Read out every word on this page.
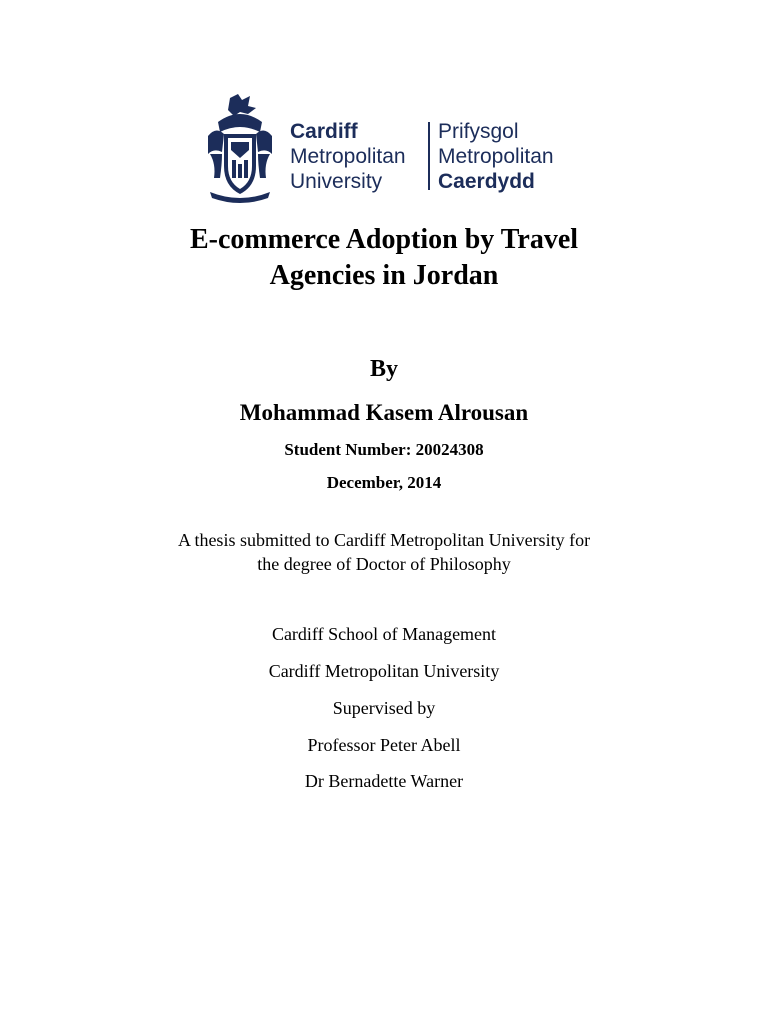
Cardiff
Metropolitan
University
Prifysgol
Metropolitan
Caerdydd
E-commerce Adoption by Travel
Agencies in Jordan
By
Mohammad Kasem Alrousan
Student Number: 20024308
December, 2014
A thesis submitted to Cardiff Metropolitan University for
the degree of Doctor of Philosophy
Cardiff School of Management
Cardiff Metropolitan University
Supervised by
Professor Peter Abell
Dr Bernadette Warner
